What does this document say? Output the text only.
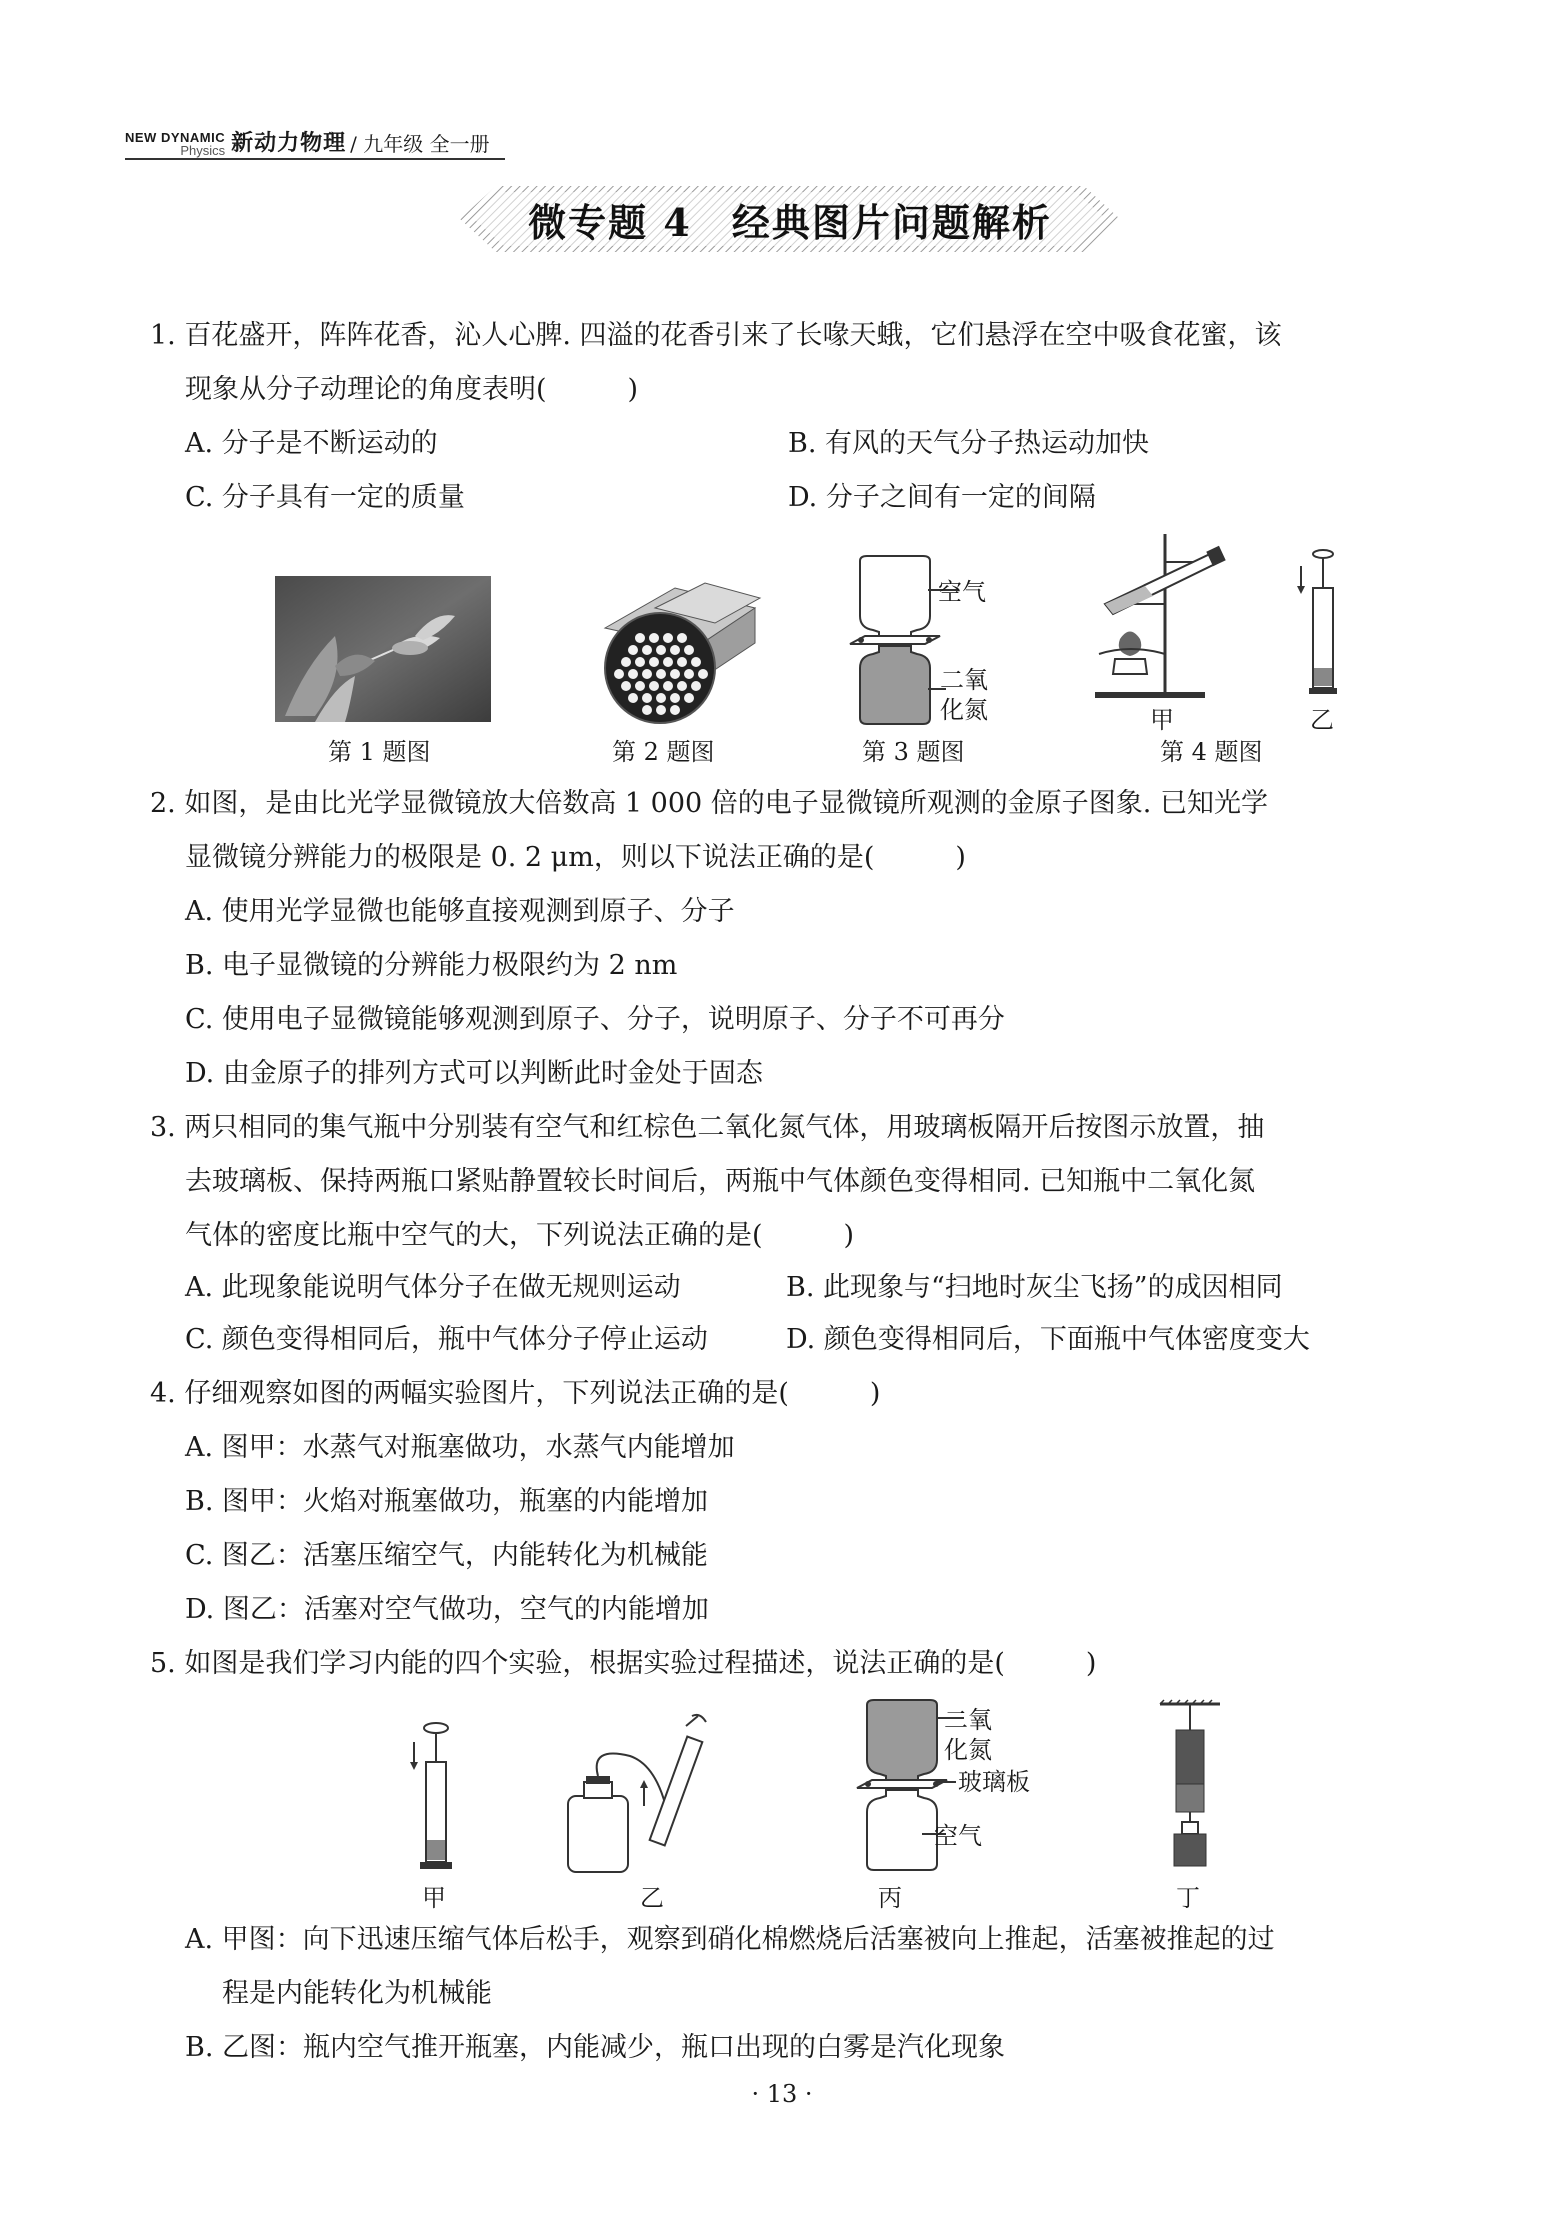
NEW DYNAMIC
Physics 新动力物理 / 九年级 全一册
微专题 4　经典图片问题解析
1. 百花盛开，阵阵花香，沁人心脾. 四溢的花香引来了长喙天蛾，它们悬浮在空中吸食花蜜，该
现象从分子动理论的角度表明(　　　)
A. 分子是不断运动的	B. 有风的天气分子热运动加快
C. 分子具有一定的质量	D. 分子之间有一定的间隔
第 1 题图	第 2 题图
空气
二氧
化氮
第 3 题图
甲	乙
第 4 题图
2. 如图，是由比光学显微镜放大倍数高 1 000 倍的电子显微镜所观测的金原子图象. 已知光学
显微镜分辨能力的极限是 0. 2 μm，则以下说法正确的是(　　　)
A. 使用光学显微也能够直接观测到原子、分子
B. 电子显微镜的分辨能力极限约为 2 nm
C. 使用电子显微镜能够观测到原子、分子，说明原子、分子不可再分
D. 由金原子的排列方式可以判断此时金处于固态
3. 两只相同的集气瓶中分别装有空气和红棕色二氧化氮气体，用玻璃板隔开后按图示放置，抽
去玻璃板、保持两瓶口紧贴静置较长时间后，两瓶中气体颜色变得相同. 已知瓶中二氧化氮
气体的密度比瓶中空气的大，下列说法正确的是(　　　)
A. 此现象能说明气体分子在做无规则运动	B. 此现象与“扫地时灰尘飞扬”的成因相同
C. 颜色变得相同后，瓶中气体分子停止运动	D. 颜色变得相同后，下面瓶中气体密度变大
4. 仔细观察如图的两幅实验图片，下列说法正确的是(　　　)
A. 图甲：水蒸气对瓶塞做功，水蒸气内能增加
B. 图甲：火焰对瓶塞做功，瓶塞的内能增加
C. 图乙：活塞压缩空气，内能转化为机械能
D. 图乙：活塞对空气做功，空气的内能增加
5. 如图是我们学习内能的四个实验，根据实验过程描述，说法正确的是(　　　)
甲	乙
二氧
化氮
玻璃板
空气
丙	丁
A. 甲图：向下迅速压缩气体后松手，观察到硝化棉燃烧后活塞被向上推起，活塞被推起的过
程是内能转化为机械能
B. 乙图：瓶内空气推开瓶塞，内能减少，瓶口出现的白雾是汽化现象
· 13 ·
